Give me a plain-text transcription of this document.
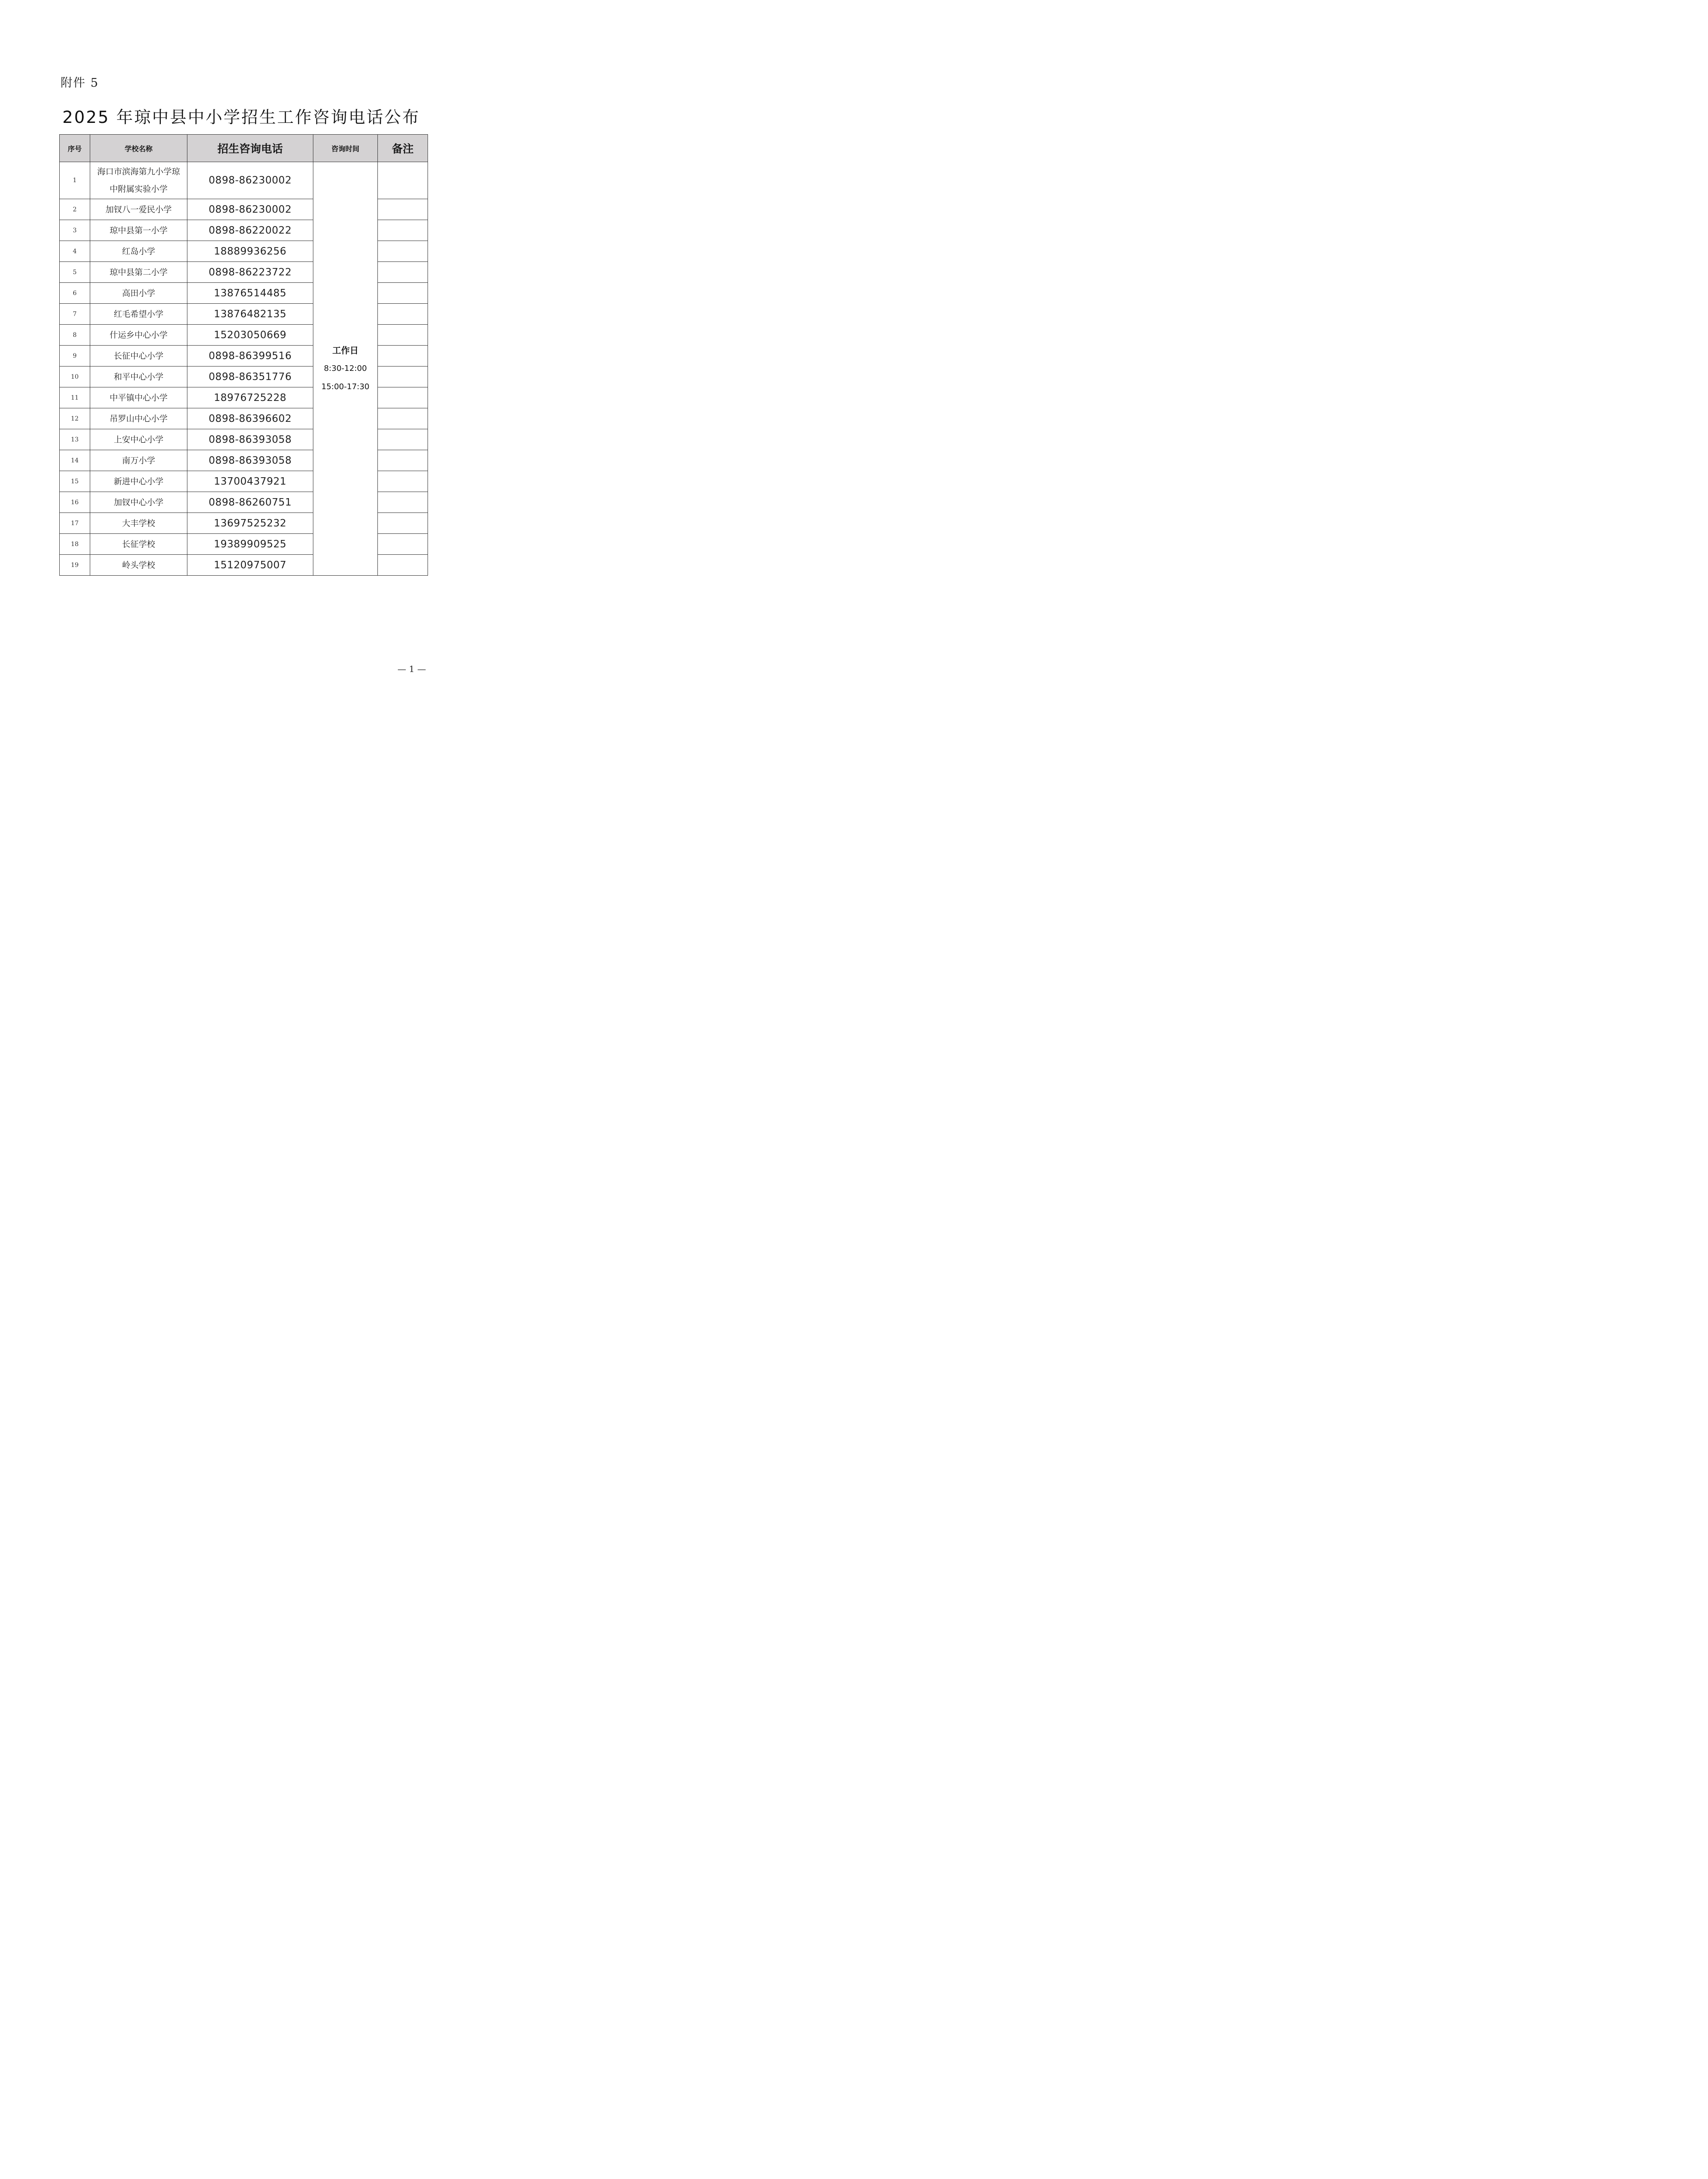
附件 5
2025 年琼中县中小学招生工作咨询电话公布
序号	学校名称	招生咨询电话	咨询时间	备注
1	海口市滨海第九小学琼中附属实验小学	0898-86230002	工作日
8:30-12:00
15:00-17:30	

2	加钗八一爱民小学	0898-86230002		
3	琼中县第一小学	0898-86220022		
4	红岛小学	18889936256		
5	琼中县第二小学	0898-86223722		
6	高田小学	13876514485		
7	红毛希望小学	13876482135		
8	什运乡中心小学	15203050669		
9	长征中心小学	0898-86399516		
10	和平中心小学	0898-86351776		
11	中平镇中心小学	18976725228		
12	吊罗山中心小学	0898-86396602		
13	上安中心小学	0898-86393058		
14	南万小学	0898-86393058		
15	新进中心小学	13700437921		
16	加钗中心小学	0898-86260751		
17	大丰学校	13697525232		
18	长征学校	19389909525		
19	岭头学校	15120975007		
— 1 —
